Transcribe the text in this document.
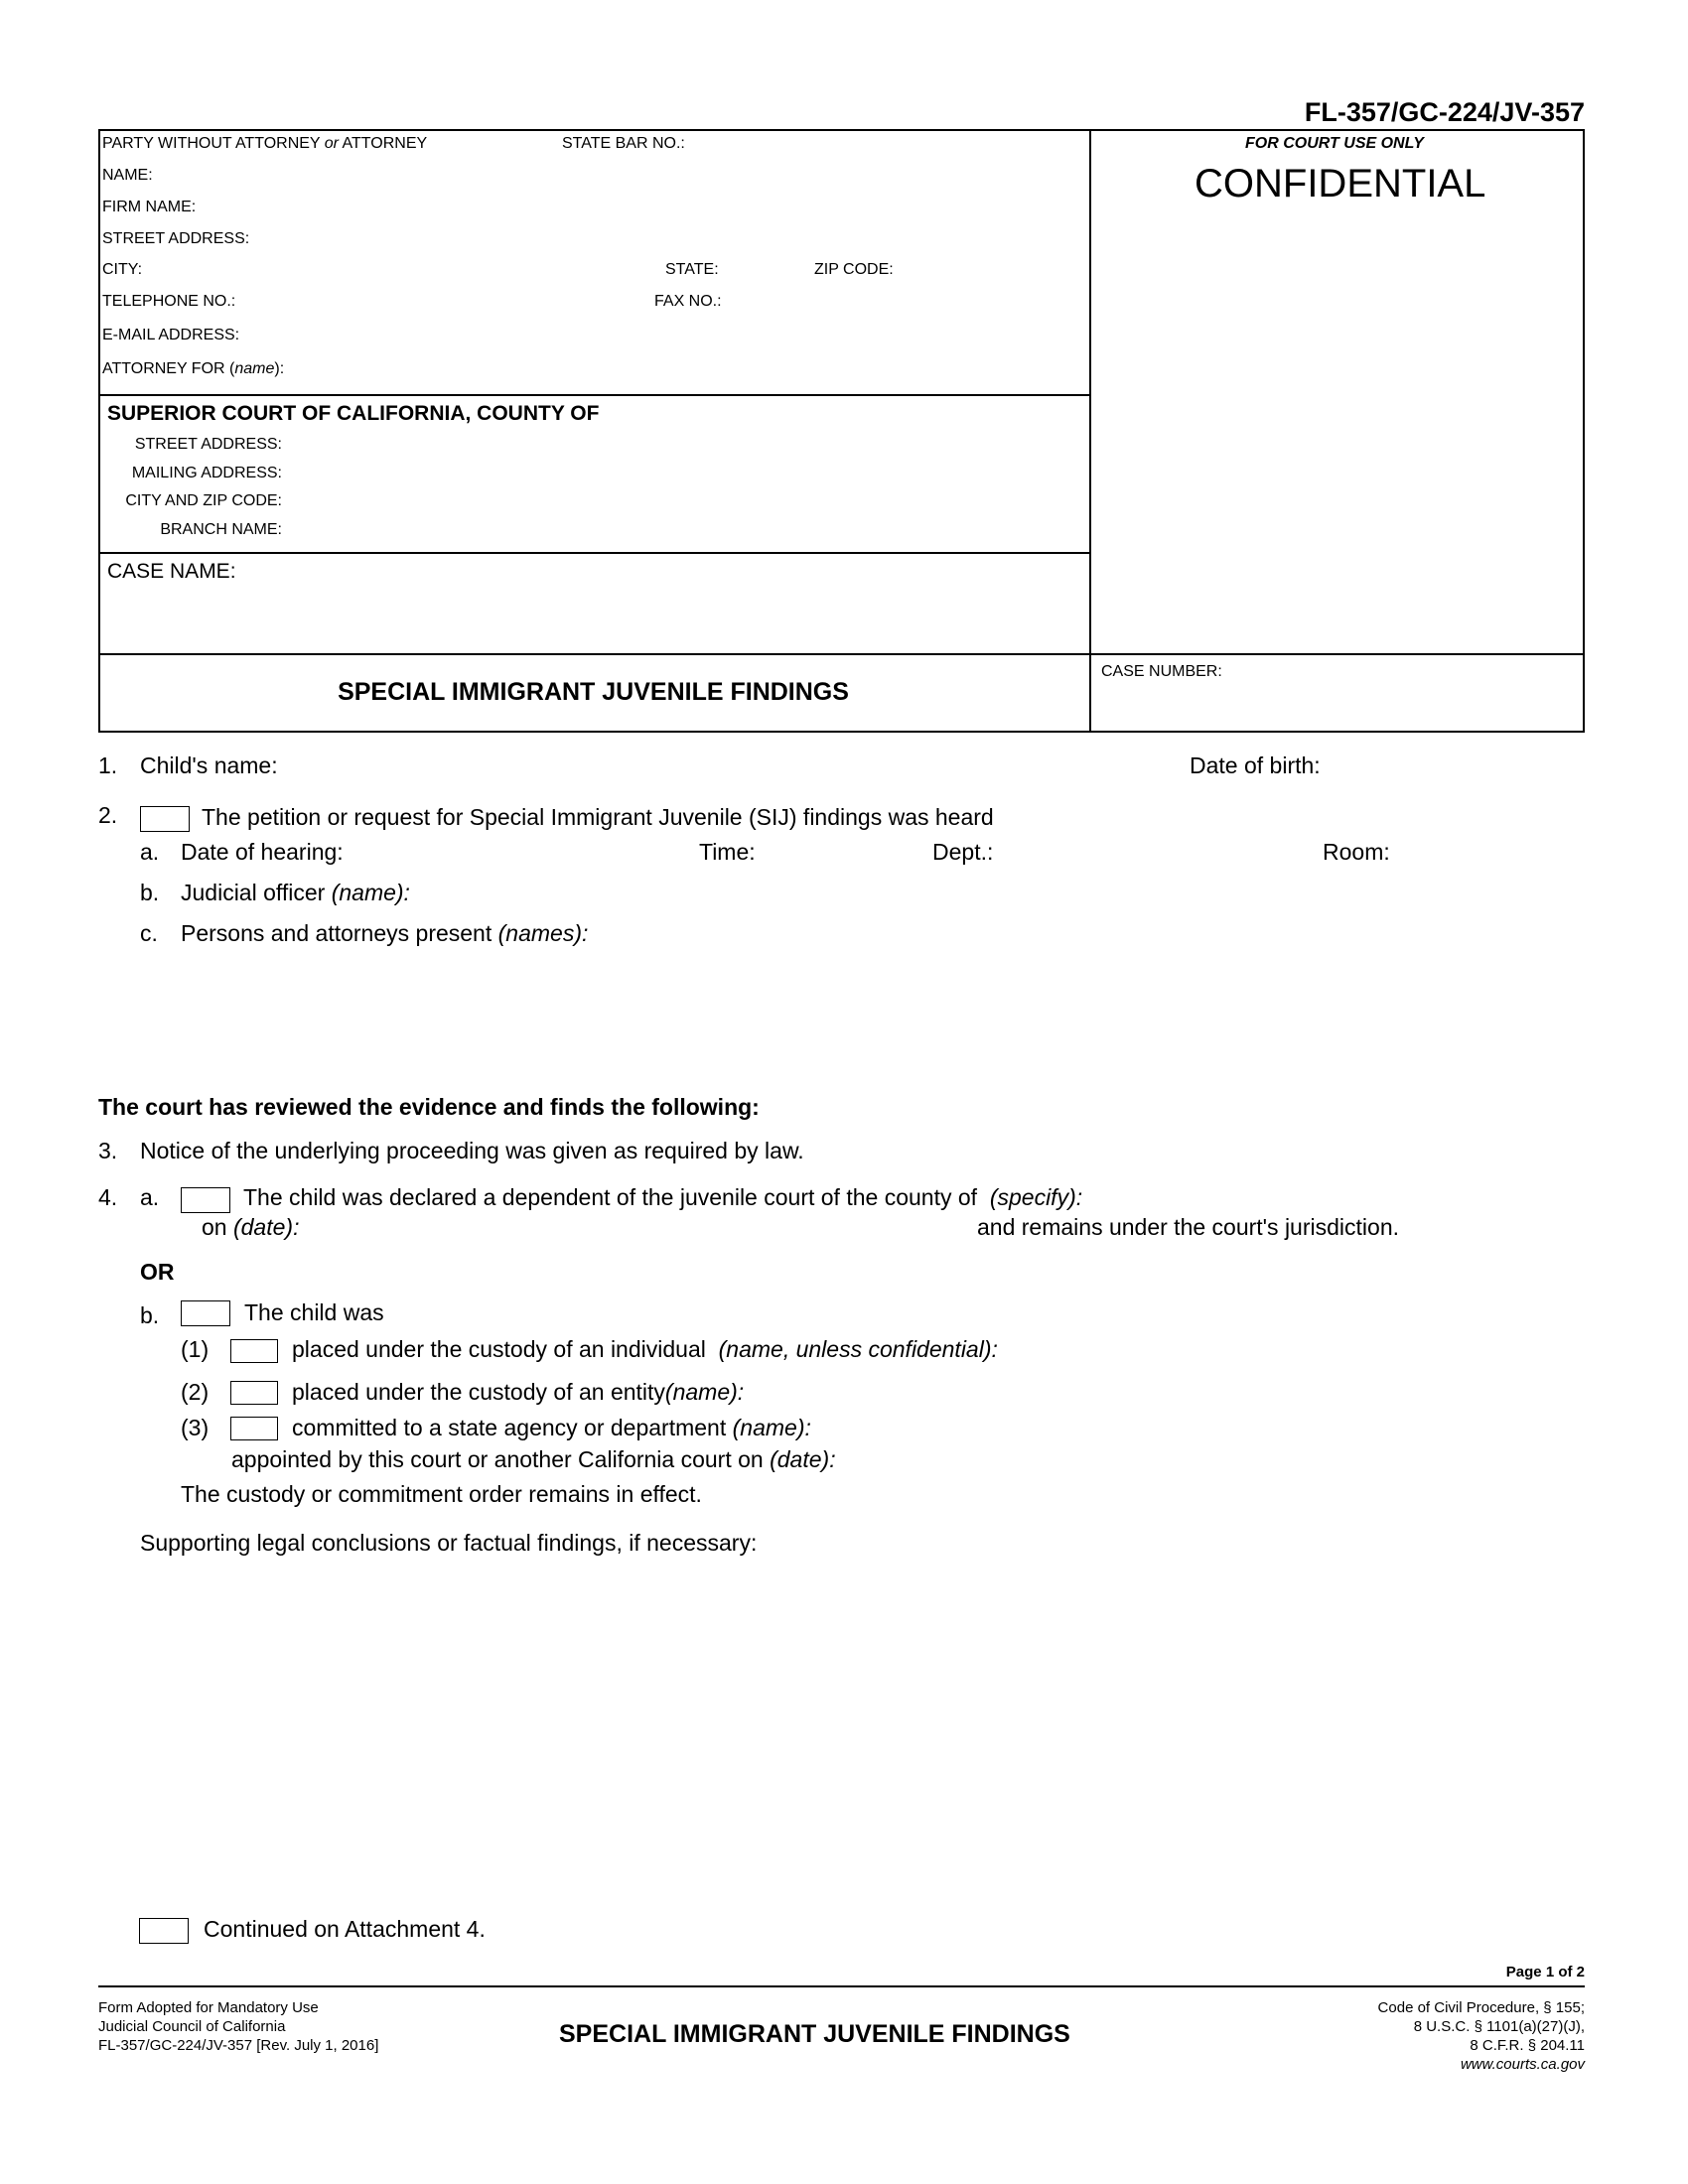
FL-357/GC-224/JV-357
PARTY WITHOUT ATTORNEY or ATTORNEY	STATE BAR NO.:
NAME:
FIRM NAME:
STREET ADDRESS:
CITY:	STATE:	ZIP CODE:
TELEPHONE NO.:	FAX NO.:
E-MAIL ADDRESS:
ATTORNEY FOR (name):
FOR COURT USE ONLY
CONFIDENTIAL
SUPERIOR COURT OF CALIFORNIA, COUNTY OF
STREET ADDRESS:
MAILING ADDRESS:
CITY AND ZIP CODE:
BRANCH NAME:
CASE NAME:
SPECIAL IMMIGRANT JUVENILE FINDINGS
CASE NUMBER:
1. Child's name:	Date of birth:
2.	The petition or request for Special Immigrant Juvenile (SIJ) findings was heard
a. Date of hearing:	Time:	Dept.:	Room:
b. Judicial officer (name):
c. Persons and attorneys present (names):
The court has reviewed the evidence and finds the following:
3. Notice of the underlying proceeding was given as required by law.
4. a.	The child was declared a dependent of the juvenile court of the county of (specify):
on (date):	and remains under the court's jurisdiction.
OR
b.	The child was
(1)	placed under the custody of an individual (name, unless confidential):
(2)	placed under the custody of an entity(name):
(3)	committed to a state agency or department (name):
appointed by this court or another California court on (date):
The custody or commitment order remains in effect.
Supporting legal conclusions or factual findings, if necessary:
Continued on Attachment 4.
Page 1 of 2
Form Adopted for Mandatory Use
Judicial Council of California
FL-357/GC-224/JV-357 [Rev. July 1, 2016]	SPECIAL IMMIGRANT JUVENILE FINDINGS
Code of Civil Procedure, § 155;
8 U.S.C. § 1101(a)(27)(J),
8 C.F.R. § 204.11
www.courts.ca.gov
